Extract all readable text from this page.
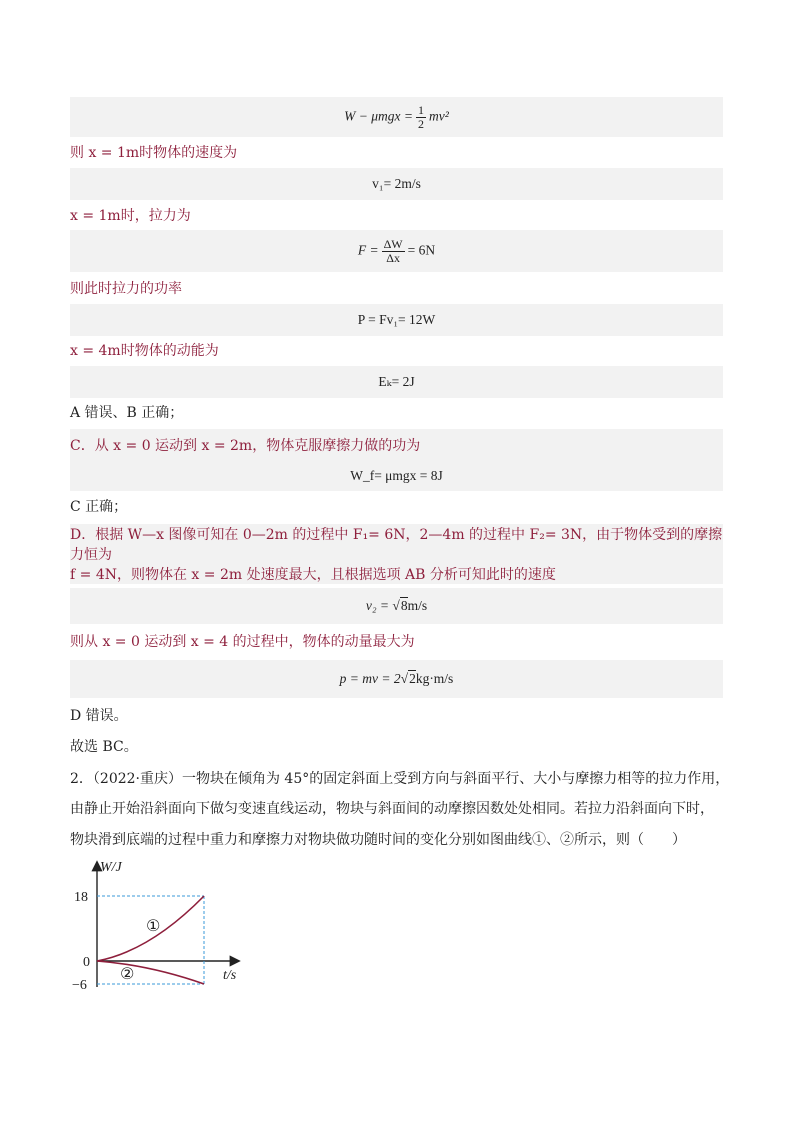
$W - \mu mgx = \frac{1}{2} mv^2$
则 x = 1m时物体的速度为
v₁= 2m/s
x = 1m时，拉力为
$F = \frac{\Delta W}{\Delta x} = 6N$
则此时拉力的功率
P = Fv₁= 12W
x = 4m时物体的动能为
Eₖ= 2J
A 错误、B 正确；
C．从 x = 0 运动到 x = 2m，物体克服摩擦力做的功为
W_f= μmgx = 8J
C 正确；
D．根据 W—x 图像可知在 0—2m 的过程中 F₁= 6N，2—4m 的过程中 F₂= 3N，由于物体受到的摩擦力恒为
f = 4N，则物体在 x = 2m 处速度最大，且根据选项 AB 分析可知此时的速度
v₂ = √8m/s
则从 x = 0 运动到 x = 4 的过程中，物体的动量最大为
p = mv = 2√2kg·m/s
D 错误。
故选 BC。
2．（2022·重庆）一物块在倾角为 45°的固定斜面上受到方向与斜面平行、大小与摩擦力相等的拉力作用，
由静止开始沿斜面向下做匀变速直线运动，物块与斜面间的动摩擦因数处处相同。若拉力沿斜面向下时，
物块滑到底端的过程中重力和摩擦力对物块做功随时间的变化分别如图曲线①、②所示，则（　　）
W/J
t/s
18
0
−6
①
②
